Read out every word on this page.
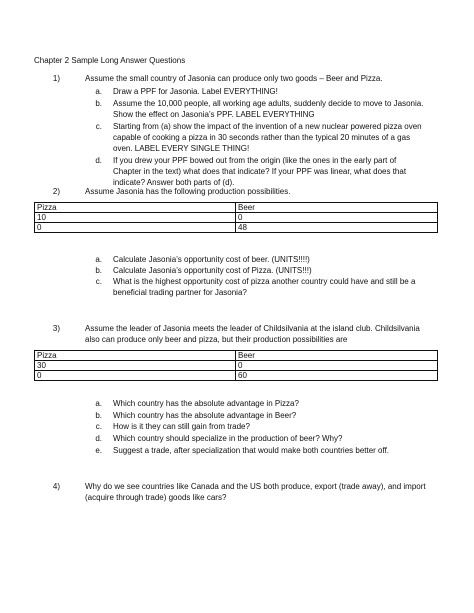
Chapter 2 Sample Long Answer Questions
1)	Assume the small country of Jasonia can produce only two goods – Beer and Pizza.
a. Draw a PPF for Jasonia. Label EVERYTHING!
b. Assume the 10,000 people, all working age adults, suddenly decide to move to Jasonia.
Show the effect on Jasonia’s PPF. LABEL EVERYTHING
c. Starting from (a) show the impact of the invention of a new nuclear powered pizza oven
capable of cooking a pizza in 30 seconds rather than the typical 20 minutes of a gas
oven. LABEL EVERY SINGLE THING!
d. If you drew your PPF bowed out from the origin (like the ones in the early part of
Chapter in the text) what does that indicate? If your PPF was linear, what does that
indicate? Answer both parts of (d).
2)	Assume Jasonia has the following production possibilities.
Pizza	Beer
10	0
0	48
a. Calculate Jasonia’s opportunity cost of beer. (UNITS!!!!)
b. Calculate Jasonia’s opportunity cost of Pizza. (UNITS!!!)
c. What is the highest opportunity cost of pizza another country could have and still be a
beneficial trading partner for Jasonia?
3)	Assume the leader of Jasonia meets the leader of Childsilvania at the island club. Childsilvania
also can produce only beer and pizza, but their production possibilities are
Pizza	Beer
30	0
0	60
a. Which country has the absolute advantage in Pizza?
b. Which country has the absolute advantage in Beer?
c. How is it they can still gain from trade?
d. Which country should specialize in the production of beer? Why?
e. Suggest a trade, after specialization that would make both countries better off.
4)	Why do we see countries like Canada and the US both produce, export (trade away), and import
(acquire through trade) goods like cars?
